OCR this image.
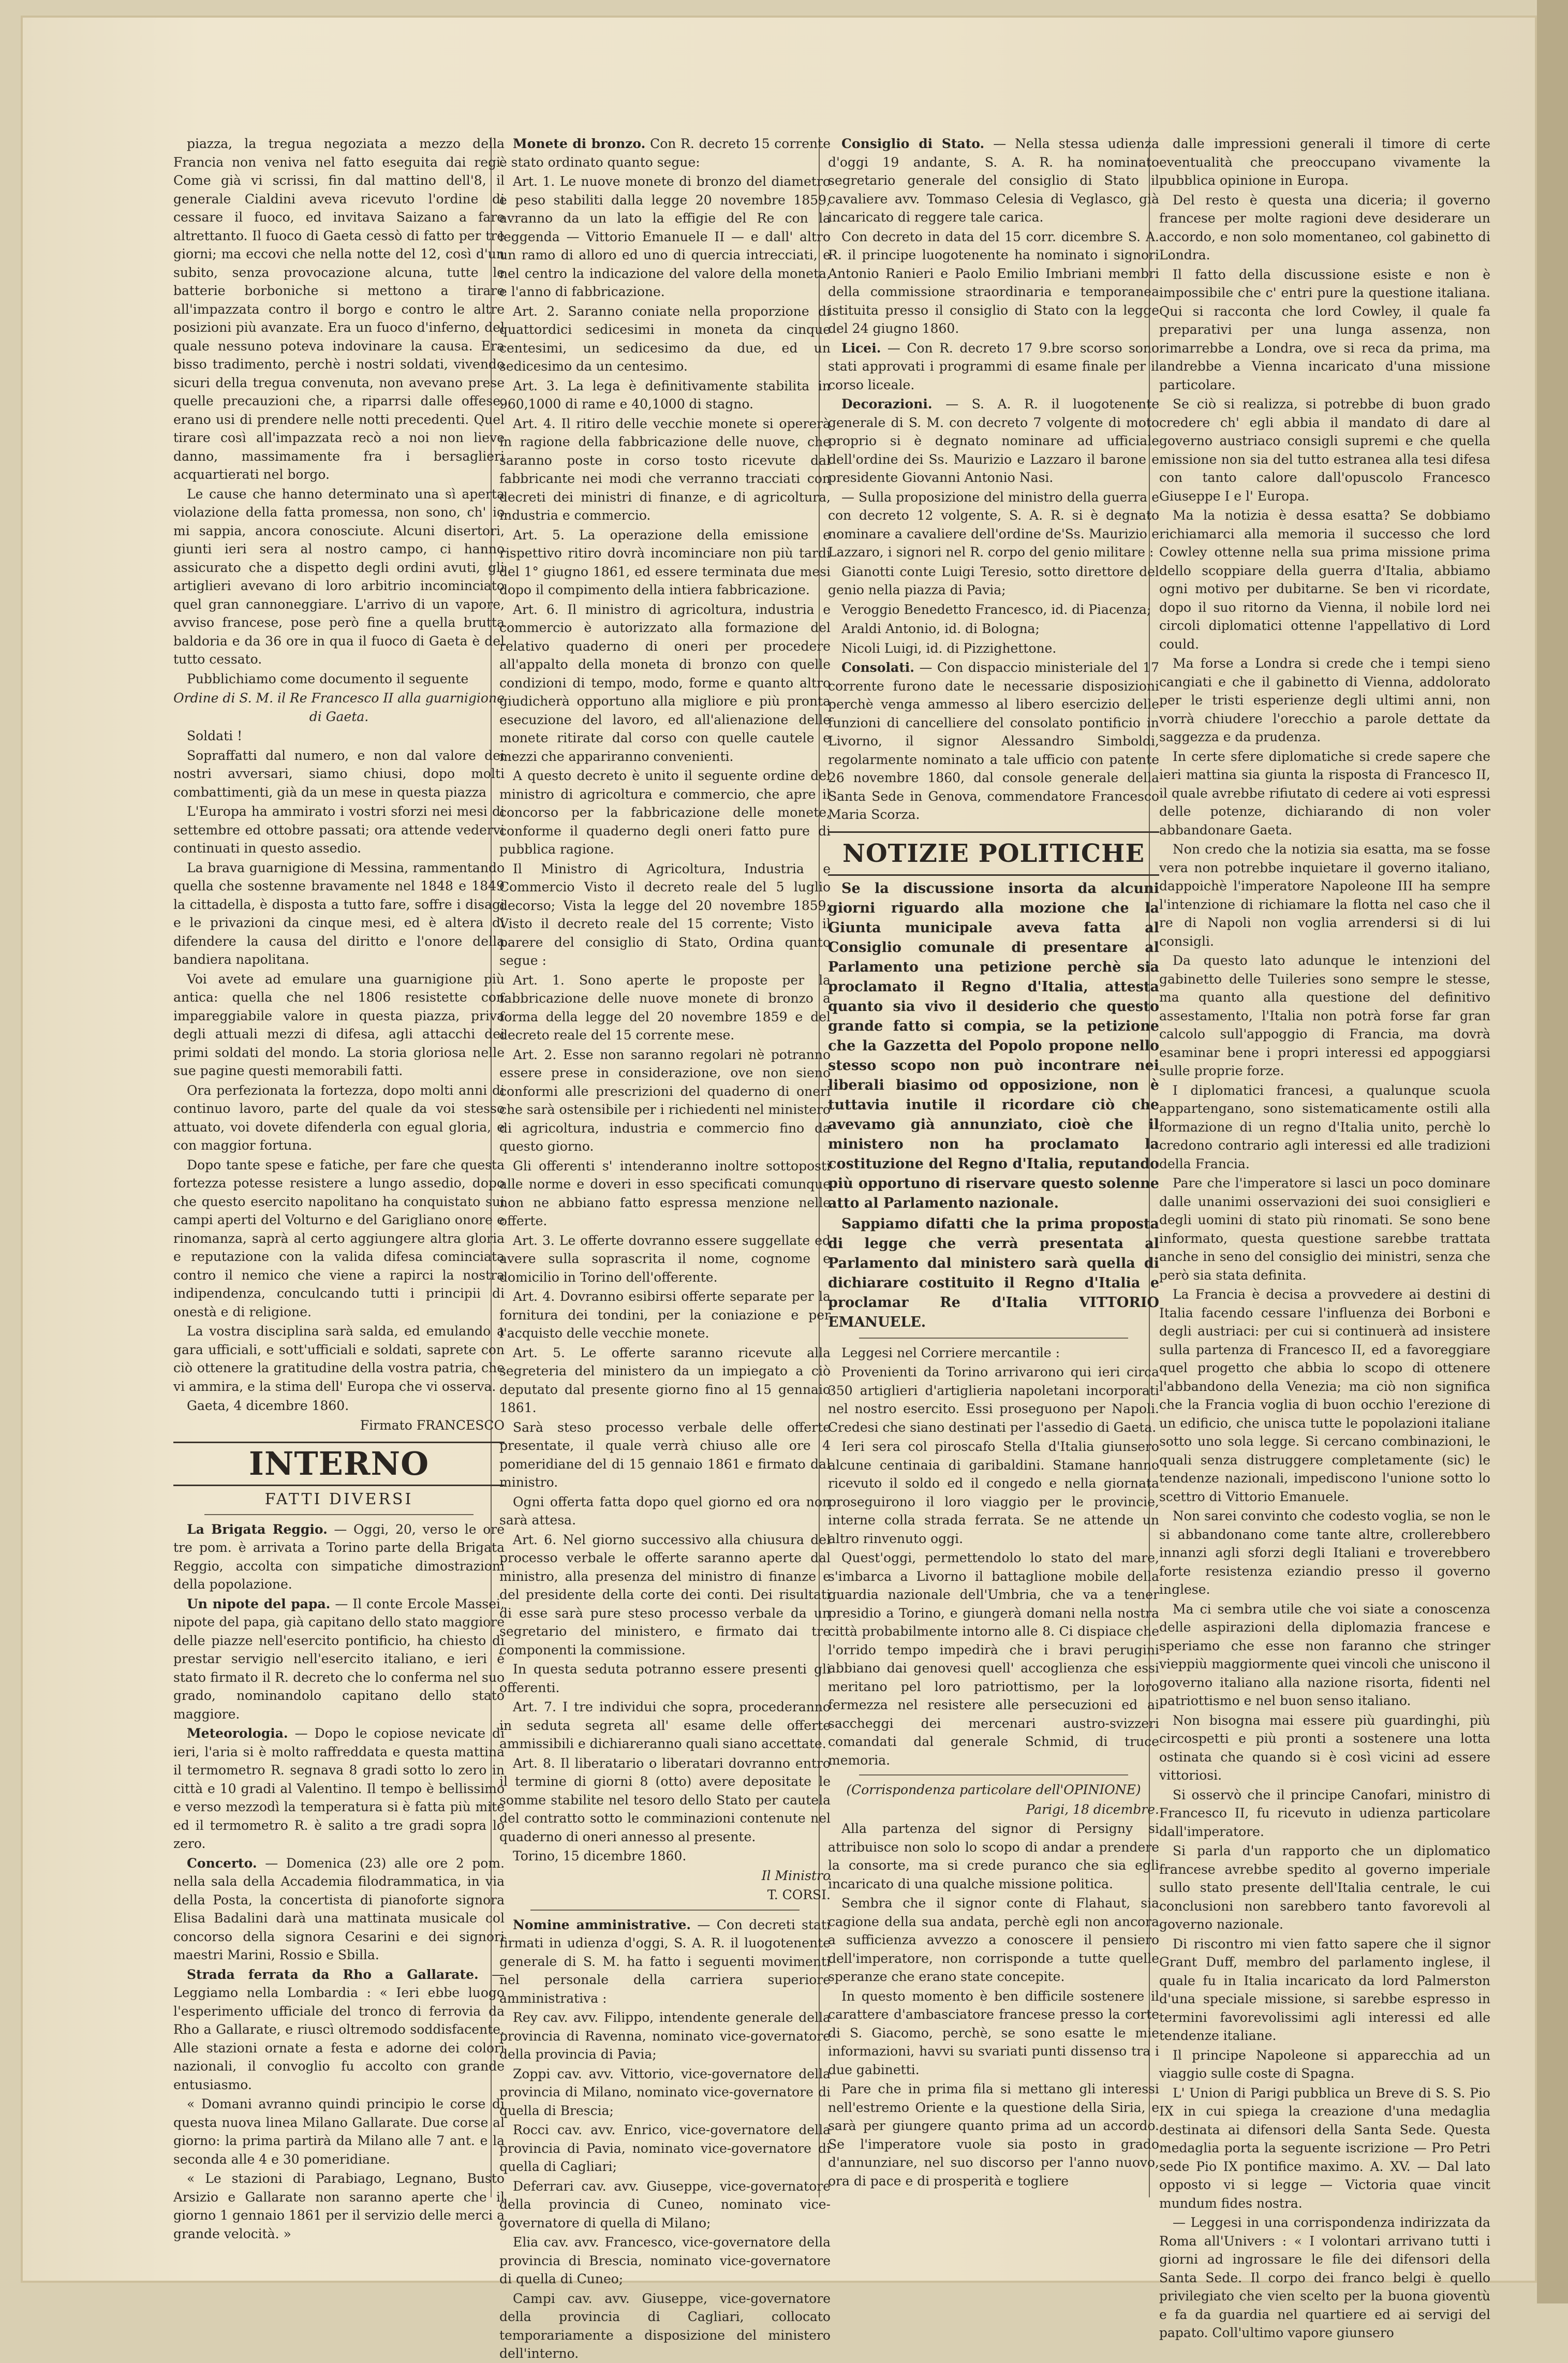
piazza, la tregua negoziata a mezzo della Francia non veniva nel fatto eseguita dai regi. Come già vi scrissi, fin dal mattino dell'8, il generale Cialdini aveva ricevuto l'ordine di cessare il fuoco, ed invitava Saizano a fare altrettanto. Il fuoco di Gaeta cessò di fatto per tre giorni; ma eccovi che nella notte del 12, così d'un subito, senza provocazione alcuna, tutte le batterie borboniche si mettono a tirare all'impazzata contro il borgo e contro le altre posizioni più avanzate. Era un fuoco d'inferno, del quale nessuno poteva indovinare la causa. Era bisso tradimento, perchè i nostri soldati, vivendo sicuri della tregua convenuta, non avevano prese quelle precauzioni che, a riparrsi dalle offese, erano usi di prendere nelle notti precedenti. Quel tirare così all'impazzata recò a noi non lieve danno, massimamente fra i bersaglieri acquartierati nel borgo.

Le cause che hanno determinato una sì aperta violazione della fatta promessa, non sono, ch' io mi sappia, ancora conosciute. Alcuni disertori, giunti ieri sera al nostro campo, ci hanno assicurato che a dispetto degli ordini avuti, gli artiglieri avevano di loro arbitrio incominciato quel gran cannoneggiare. L'arrivo di un vapore, avviso francese, pose però fine a quella brutta baldoria e da 36 ore in qua il fuoco di Gaeta è del tutto cessato.

Pubblichiamo come documento il seguente

Ordine di S. M. il Re Francesco II alla guarnigione di Gaeta.

Soldati !

Sopraffatti dal numero, e non dal valore dei nostri avversari, siamo chiusi, dopo molti combattimenti, già da un mese in questa piazza

L'Europa ha ammirato i vostri sforzi nei mesi di settembre ed ottobre passati; ora attende vedervi continuati in questo assedio.

La brava guarnigione di Messina, rammentando quella che sostenne bravamente nel 1848 e 1849 la cittadella, è disposta a tutto fare, soffre i disagi e le privazioni da cinque mesi, ed è altera di difendere la causa del diritto e l'onore della bandiera napolitana.

Voi avete ad emulare una guarnigione più antica: quella che nel 1806 resistette con impareggiabile valore in questa piazza, priva degli attuali mezzi di difesa, agli attacchi dei primi soldati del mondo. La storia gloriosa nelle sue pagine questi memorabili fatti.

Ora perfezionata la fortezza, dopo molti anni di continuo lavoro, parte del quale da voi stesso attuato, voi dovete difenderla con egual gloria, e con maggior fortuna.

Dopo tante spese e fatiche, per fare che questa fortezza potesse resistere a lungo assedio, dopo che questo esercito napolitano ha conquistato sui campi aperti del Volturno e del Garigliano onore e rinomanza, saprà al certo aggiungere altra gloria e reputazione con la valida difesa cominciata contro il nemico che viene a rapirci la nostra indipendenza, conculcando tutti i principii di onestà e di religione.

La vostra disciplina sarà salda, ed emulando a gara ufficiali, e sott'ufficiali e soldati, saprete con ciò ottenere la gratitudine della vostra patria, che vi ammira, e la stima dell' Europa che vi osserva.

Gaeta, 4 dicembre 1860.

Firmato FRANCESCO

INTERNO
FATTI DIVERSI

La Brigata Reggio. — Oggi, 20, verso le ore tre pom. è arrivata a Torino parte della Brigata Reggio, accolta con simpatiche dimostrazioni della popolazione.

Un nipote del papa. — Il conte Ercole Massei, nipote del papa, già capitano dello stato maggiore delle piazze nell'esercito pontificio, ha chiesto di prestar servigio nell'esercito italiano, e ieri è stato firmato il R. decreto che lo conferma nel suo grado, nominandolo capitano dello stato maggiore.

Meteorologia. — Dopo le copiose nevicate di ieri, l'aria si è molto raffreddata e questa mattina il termometro R. segnava 8 gradi sotto lo zero in città e 10 gradi al Valentino. Il tempo è bellissimo e verso mezzodì la temperatura si è fatta più mite ed il termometro R. è salito a tre gradi sopra lo zero.

Concerto. — Domenica (23) alle ore 2 pom. nella sala della Accademia filodrammatica, in via della Posta, la concertista di pianoforte signora Elisa Badalini darà una mattinata musicale col concorso della signora Cesarini e dei signori maestri Marini, Rossio e Sbilla.

Strada ferrata da Rho a Gallarate. — Leggiamo nella Lombardia : « Ieri ebbe luogo l'esperimento ufficiale del tronco di ferrovia da Rho a Gallarate, e riuscì oltremodo soddisfacente. Alle stazioni ornate a festa e adorne dei colori nazionali, il convoglio fu accolto con grande entusiasmo.

« Domani avranno quindi principio le corse di questa nuova linea Milano Gallarate. Due corse al giorno: la prima partirà da Milano alle 7 ant. e la seconda alle 4 e 30 pomeridiane.

« Le stazioni di Parabiago, Legnano, Busto Arsizio e Gallarate non saranno aperte che il giorno 1 gennaio 1861 per il servizio delle merci a grande velocità. »

Monete di bronzo. Con R. decreto 15 corrente è stato ordinato quanto segue:

Art. 1. Le nuove monete di bronzo del diametro e peso stabiliti dalla legge 20 novembre 1859, avranno da un lato la effigie del Re con la leggenda — Vittorio Emanuele II — e dall' altro un ramo di alloro ed uno di quercia intrecciati, e nel centro la indicazione del valore della moneta, e l'anno di fabbricazione.

Art. 2. Saranno coniate nella proporzione di quattordici sedicesimi in moneta da cinque centesimi, un sedicesimo da due, ed un sedicesimo da un centesimo.

Art. 3. La lega è definitivamente stabilita in 960,1000 di rame e 40,1000 di stagno.

Art. 4. Il ritiro delle vecchie monete si opererà in ragione della fabbricazione delle nuove, che saranno poste in corso tosto ricevute dal fabbricante nei modi che verranno tracciati con decreti dei ministri di finanze, e di agricoltura, industria e commercio.

Art. 5. La operazione della emissione e rispettivo ritiro dovrà incominciare non più tardi del 1° giugno 1861, ed essere terminata due mesi dopo il compimento della intiera fabbricazione.

Art. 6. Il ministro di agricoltura, industria e commercio è autorizzato alla formazione del relativo quaderno di oneri per procedere all'appalto della moneta di bronzo con quelle condizioni di tempo, modo, forme e quanto altro giudicherà opportuno alla migliore e più pronta esecuzione del lavoro, ed all'alienazione delle monete ritirate dal corso con quelle cautele e mezzi che appariranno convenienti.

A questo decreto è unito il seguente ordine del ministro di agricoltura e commercio, che apre il concorso per la fabbricazione delle monete, conforme il quaderno degli oneri fatto pure di pubblica ragione.

Il Ministro di Agricoltura, Industria e Commercio Visto il decreto reale del 5 luglio decorso; Vista la legge del 20 novembre 1859; Visto il decreto reale del 15 corrente; Visto il parere del consiglio di Stato, Ordina quanto segue :

Art. 1. Sono aperte le proposte per la fabbricazione delle nuove monete di bronzo a forma della legge del 20 novembre 1859 e del decreto reale del 15 corrente mese.

Art. 2. Esse non saranno regolari nè potranno essere prese in considerazione, ove non sieno conformi alle prescrizioni del quaderno di oneri che sarà ostensibile per i richiedenti nel ministero di agricoltura, industria e commercio fino da questo giorno.

Gli offerenti s' intenderanno inoltre sottoposti alle norme e doveri in esso specificati comunque non ne abbiano fatto espressa menzione nelle offerte.

Art. 3. Le offerte dovranno essere suggellate ed avere sulla soprascrita il nome, cognome e domicilio in Torino dell'offerente.

Art. 4. Dovranno esibirsi offerte separate per la fornitura dei tondini, per la coniazione e per l'acquisto delle vecchie monete.

Art. 5. Le offerte saranno ricevute alla segreteria del ministero da un impiegato a ciò deputato dal presente giorno fino al 15 gennaio 1861.

Sarà steso processo verbale delle offerte presentate, il quale verrà chiuso alle ore 4 pomeridiane del di 15 gennaio 1861 e firmato dal ministro.

Ogni offerta fatta dopo quel giorno ed ora non sarà attesa.

Art. 6. Nel giorno successivo alla chiusura del processo verbale le offerte saranno aperte dal ministro, alla presenza del ministro di finanze e del presidente della corte dei conti. Dei risultati di esse sarà pure steso processo verbale da un segretario del ministero, e firmato dai tre componenti la commissione.

In questa seduta potranno essere presenti gli offerenti.

Art. 7. I tre individui che sopra, procederanno in seduta segreta all' esame delle offerte ammissibili e dichiareranno quali siano accettate.

Art. 8. Il liberatario o liberatari dovranno entro il termine di giorni 8 (otto) avere depositate le somme stabilite nel tesoro dello Stato per cautela del contratto sotto le comminazioni contenute nel quaderno di oneri annesso al presente.

Torino, 15 dicembre 1860.

Il Ministro

T. CORSI.

Nomine amministrative. — Con decreti stati firmati in udienza d'oggi, S. A. R. il luogotenente generale di S. M. ha fatto i seguenti movimenti nel personale della carriera superiore amministrativa :

Rey cav. avv. Filippo, intendente generale della provincia di Ravenna, nominato vice-governatore della provincia di Pavia;

Zoppi cav. avv. Vittorio, vice-governatore della provincia di Milano, nominato vice-governatore di quella di Brescia;

Rocci cav. avv. Enrico, vice-governatore della provincia di Pavia, nominato vice-governatore di quella di Cagliari;

Deferrari cav. avv. Giuseppe, vice-governatore della provincia di Cuneo, nominato vice-governatore di quella di Milano;

Elia cav. avv. Francesco, vice-governatore della provincia di Brescia, nominato vice-governatore di quella di Cuneo;

Campi cav. avv. Giuseppe, vice-governatore della provincia di Cagliari, collocato temporariamente a disposizione del ministero dell'interno.

Consiglio di Stato. — Nella stessa udienza d'oggi 19 andante, S. A. R. ha nominato segretario generale del consiglio di Stato il cavaliere avv. Tommaso Celesia di Veglasco, già incaricato di reggere tale carica.

Con decreto in data del 15 corr. dicembre S. A. R. il principe luogotenente ha nominato i signori Antonio Ranieri e Paolo Emilio Imbriani membri della commissione straordinaria e temporanea istituita presso il consiglio di Stato con la legge del 24 giugno 1860.

Licei. — Con R. decreto 17 9.bre scorso sono stati approvati i programmi di esame finale per il corso liceale.

Decorazioni. — S. A. R. il luogotenente generale di S. M. con decreto 7 volgente di moto proprio si è degnato nominare ad ufficiale dell'ordine dei Ss. Maurizio e Lazzaro il barone e presidente Giovanni Antonio Nasi.

— Sulla proposizione del ministro della guerra e con decreto 12 volgente, S. A. R. si è degnato nominare a cavaliere dell'ordine de'Ss. Maurizio e Lazzaro, i signori nel R. corpo del genio militare :

Gianotti conte Luigi Teresio, sotto direttore del genio nella piazza di Pavia;

Veroggio Benedetto Francesco, id. di Piacenza;

Araldi Antonio, id. di Bologna;

Nicoli Luigi, id. di Pizzighettone.

Consolati. — Con dispaccio ministeriale del 17 corrente furono date le necessarie disposizioni perchè venga ammesso al libero esercizio delle funzioni di cancelliere del consolato pontificio in Livorno, il signor Alessandro Simboldi, regolarmente nominato a tale ufficio con patente 26 novembre 1860, dal console generale della Santa Sede in Genova, commendatore Francesco Maria Scorza.

NOTIZIE POLITICHE

Se la discussione insorta da alcuni giorni riguardo alla mozione che la Giunta municipale aveva fatta al Consiglio comunale di presentare al Parlamento una petizione perchè sia proclamato il Regno d'Italia, attesta quanto sia vivo il desiderio che questo grande fatto si compia, se la petizione che la Gazzetta del Popolo propone nello stesso scopo non può incontrare nei liberali biasimo od opposizione, non è tuttavia inutile il ricordare ciò che avevamo già annunziato, cioè che il ministero non ha proclamato la costituzione del Regno d'Italia, reputando più opportuno di riservare questo solenne atto al Parlamento nazionale.

Sappiamo difatti che la prima proposta di legge che verrà presentata al Parlamento dal ministero sarà quella di dichiarare costituito il Regno d'Italia e proclamar Re d'Italia VITTORIO EMANUELE.

Leggesi nel Corriere mercantile :

Provenienti da Torino arrivarono qui ieri circa 350 artiglieri d'artiglieria napoletani incorporati nel nostro esercito. Essi proseguono per Napoli. Credesi che siano destinati per l'assedio di Gaeta.

Ieri sera col piroscafo Stella d'Italia giunsero alcune centinaia di garibaldini. Stamane hanno ricevuto il soldo ed il congedo e nella giornata proseguirono il loro viaggio per le provincie, interne colla strada ferrata. Se ne attende un altro rinvenuto oggi.

Quest'oggi, permettendolo lo stato del mare, s'imbarca a Livorno il battaglione mobile della guardia nazionale dell'Umbria, che va a tener presidio a Torino, e giungerà domani nella nostra città probabilmente intorno alle 8. Ci dispiace che l'orrido tempo impedirà che i bravi perugini abbiano dai genovesi quell' accoglienza che essi meritano pel loro patriottismo, per la loro fermezza nel resistere alle persecuzioni ed ai saccheggi dei mercenari austro-svizzeri comandati dal generale Schmid, di truce memoria.

(Corrispondenza particolare dell'OPINIONE)

Parigi, 18 dicembre.

Alla partenza del signor di Persigny si attribuisce non solo lo scopo di andar a prendere la consorte, ma si crede puranco che sia egli incaricato di una qualche missione politica.

Sembra che il signor conte di Flahaut, sia cagione della sua andata, perchè egli non ancora a sufficienza avvezzo a conoscere il pensiero dell'imperatore, non corrisponde a tutte quelle speranze che erano state concepite.

In questo momento è ben difficile sostenere il carattere d'ambasciatore francese presso la corte di S. Giacomo, perchè, se sono esatte le mie informazioni, havvi su svariati punti dissenso tra i due gabinetti.

Pare che in prima fila si mettano gli interessi nell'estremo Oriente e la questione della Siria, e sarà per giungere quanto prima ad un accordo. Se l'imperatore vuole sia posto in grado d'annunziare, nel suo discorso per l'anno nuovo, ora di pace e di prosperità e togliere

dalle impressioni generali il timore di certe eventualità che preoccupano vivamente la pubblica opinione in Europa.

Del resto è questa una diceria; il governo francese per molte ragioni deve desiderare un accordo, e non solo momentaneo, col gabinetto di Londra.

Il fatto della discussione esiste e non è impossibile che c' entri pure la questione italiana. Qui si racconta che lord Cowley, il quale fa preparativi per una lunga assenza, non rimarrebbe a Londra, ove si reca da prima, ma andrebbe a Vienna incaricato d'una missione particolare.

Se ciò si realizza, si potrebbe di buon grado credere ch' egli abbia il mandato di dare al governo austriaco consigli supremi e che quella missione non sia del tutto estranea alla tesi difesa con tanto calore dall'opuscolo Francesco Giuseppe I e l' Europa.

Ma la notizia è dessa esatta? Se dobbiamo richiamarci alla memoria il successo che lord Cowley ottenne nella sua prima missione prima dello scoppiare della guerra d'Italia, abbiamo ogni motivo per dubitarne. Se ben vi ricordate, dopo il suo ritorno da Vienna, il nobile lord nei circoli diplomatici ottenne l'appellativo di Lord could.

Ma forse a Londra si crede che i tempi sieno cangiati e che il gabinetto di Vienna, addolorato per le tristi esperienze degli ultimi anni, non vorrà chiudere l'orecchio a parole dettate da saggezza e da prudenza.

In certe sfere diplomatiche si crede sapere che ieri mattina sia giunta la risposta di Francesco II, il quale avrebbe rifiutato di cedere ai voti espressi delle potenze, dichiarando di non voler abbandonare Gaeta.

Non credo che la notizia sia esatta, ma se fosse vera non potrebbe inquietare il governo italiano, dappoichè l'imperatore Napoleone III ha sempre l'intenzione di richiamare la flotta nel caso che il re di Napoli non voglia arrendersi si di lui consigli.

Da questo lato adunque le intenzioni del gabinetto delle Tuileries sono sempre le stesse, ma quanto alla questione del definitivo assestamento, l'Italia non potrà forse far gran calcolo sull'appoggio di Francia, ma dovrà esaminar bene i propri interessi ed appoggiarsi sulle proprie forze.

I diplomatici francesi, a qualunque scuola appartengano, sono sistematicamente ostili alla formazione di un regno d'Italia unito, perchè lo credono contrario agli interessi ed alle tradizioni della Francia.

Pare che l'imperatore si lasci un poco dominare dalle unanimi osservazioni dei suoi consiglieri e degli uomini di stato più rinomati. Se sono bene informato, questa questione sarebbe trattata anche in seno del consiglio dei ministri, senza che però sia stata definita.

La Francia è decisa a provvedere ai destini di Italia facendo cessare l'influenza dei Borboni e degli austriaci: per cui si continuerà ad insistere sulla partenza di Francesco II, ed a favoreggiare quel progetto che abbia lo scopo di ottenere l'abbandono della Venezia; ma ciò non significa che la Francia voglia di buon occhio l'erezione di un edificio, che unisca tutte le popolazioni italiane sotto uno sola legge. Si cercano combinazioni, le quali senza distruggere completamente (sic) le tendenze nazionali, impediscono l'unione sotto lo scettro di Vittorio Emanuele.

Non sarei convinto che codesto voglia, se non le si abbandonano come tante altre, crollerebbero innanzi agli sforzi degli Italiani e troverebbero forte resistenza eziandio presso il governo inglese.

Ma ci sembra utile che voi siate a conoscenza delle aspirazioni della diplomazia francese e speriamo che esse non faranno che stringer vieppiù maggiormente quei vincoli che uniscono il governo italiano alla nazione risorta, fidenti nel patriottismo e nel buon senso italiano.

Non bisogna mai essere più guardinghi, più circospetti e più pronti a sostenere una lotta ostinata che quando si è così vicini ad essere vittoriosi.

Si osservò che il principe Canofari, ministro di Francesco II, fu ricevuto in udienza particolare dall'imperatore.

Si parla d'un rapporto che un diplomatico francese avrebbe spedito al governo imperiale sullo stato presente dell'Italia centrale, le cui conclusioni non sarebbero tanto favorevoli al governo nazionale.

Di riscontro mi vien fatto sapere che il signor Grant Duff, membro del parlamento inglese, il quale fu in Italia incaricato da lord Palmerston d'una speciale missione, si sarebbe espresso in termini favorevolissimi agli interessi ed alle tendenze italiane.

Il principe Napoleone si apparecchia ad un viaggio sulle coste di Spagna.

L' Union di Parigi pubblica un Breve di S. S. Pio IX in cui spiega la creazione d'una medaglia destinata ai difensori della Santa Sede. Questa medaglia porta la seguente iscrizione — Pro Petri sede Pio IX pontifice maximo. A. XV. — Dal lato opposto vi si legge — Victoria quae vincit mundum fides nostra.

— Leggesi in una corrispondenza indirizzata da Roma all'Univers : « I volontari arrivano tutti i giorni ad ingrossare le file dei difensori della Santa Sede. Il corpo dei franco belgi è quello privilegiato che vien scelto per la buona gioventù e fa da guardia nel quartiere ed ai servigi del papato. Coll'ultimo vapore giunsero
